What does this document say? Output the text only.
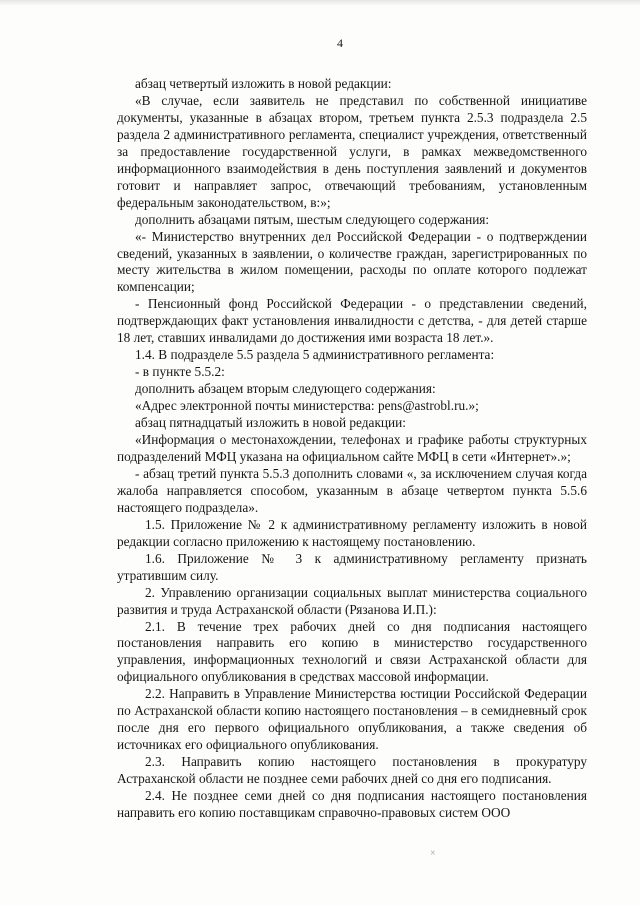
4

абзац четвертый изложить в новой редакции:

«В случае, если заявитель не представил по собственной инициативе документы, указанные в абзацах втором, третьем пункта 2.5.3 подраздела 2.5 раздела 2 административного регламента, специалист учреждения, ответственный за предоставление государственной услуги, в рамках межведомственного информационного взаимодействия в день поступления заявлений и документов готовит и направляет запрос, отвечающий требованиям, установленным федеральным законодательством, в:»;

дополнить абзацами пятым, шестым следующего содержания:

«- Министерство внутренних дел Российской Федерации - о подтверждении сведений, указанных в заявлении, о количестве граждан, зарегистрированных по месту жительства в жилом помещении, расходы по оплате которого подлежат компенсации;

- Пенсионный фонд Российской Федерации - о представлении сведений, подтверждающих факт установления инвалидности с детства, - для детей старше 18 лет, ставших инвалидами до достижения ими возраста 18 лет.».

1.4. В подразделе 5.5 раздела 5 административного регламента:

- в пункте 5.5.2:

дополнить абзацем вторым следующего содержания:

«Адрес электронной почты министерства: pens@astrobl.ru.»;

абзац пятнадцатый изложить в новой редакции:

«Информация о местонахождении, телефонах и графике работы структурных подразделений МФЦ указана на официальном сайте МФЦ в сети «Интернет».»;

- абзац третий пункта 5.5.3 дополнить словами «, за исключением случая когда жалоба направляется способом, указанным в абзаце четвертом пункта 5.5.6 настоящего подраздела».

1.5. Приложение № 2 к административному регламенту изложить в новой редакции согласно приложению к настоящему постановлению.

1.6. Приложение № 3 к административному регламенту признать утратившим силу.

2. Управлению организации социальных выплат министерства социального развития и труда Астраханской области (Рязанова И.П.):

2.1. В течение трех рабочих дней со дня подписания настоящего постановления направить его копию в министерство государственного управления, информационных технологий и связи Астраханской области для официального опубликования в средствах массовой информации.

2.2. Направить в Управление Министерства юстиции Российской Федерации по Астраханской области копию настоящего постановления – в семидневный срок после дня его первого официального опубликования, а также сведения об источниках его официального опубликования.

2.3. Направить копию настоящего постановления в прокуратуру Астраханской области не позднее семи рабочих дней со дня его подписания.

2.4. Не позднее семи дней со дня подписания настоящего постановления направить его копию поставщикам справочно-правовых систем ООО

×
